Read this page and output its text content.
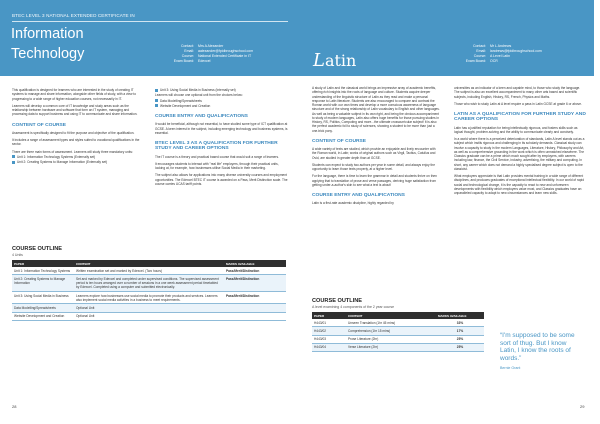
BTEC LEVEL 3 NATIONAL EXTENDED CERTIFICATE IN
Information
Technology	Contact:	Mrs A Alexander
Email:	aalexander@fpidbroughschool.com
Course:	National Extended Certificate in IT
Exam Board:	Edexcel

This qualification is designed for learners who are interested in the study of creating IT systems to manage and share information, alongside other fields of study, with a view to progressing to a wide range of higher education courses, not necessarily in IT.

Learners will develop a common core of IT knowledge and study areas such as the relationship between hardware and software that form an IT system, managing and processing data to support business and using IT to communicate and share information.

CONTENT OF COURSE

Assessment is specifically designed to fit the purpose and objective of the qualification.

It includes a range of assessment types and styles suited to vocational qualifications in the sector.

There are three main forms of assessment. Learners will study three mandatory units:

Unit 1: Information Technology Systems (Externally set)
Unit 2: Creating Systems to Manage Information (Externally set)
Unit 3: Using Social Media in Business (Internally set)

Learners will choose one optional unit from the choices below:

Data Modelling/Spreadsheets
Website Development and Creation
COURSE ENTRY AND QUALIFICATIONS

It would be beneficial, although not essential, to have studied some type of ICT qualification at GCSE. A keen interest in the subject, including emerging technology and business systems, is essential.

BTEC LEVEL 3 AS A QUALIFICATION FOR FURTHER STUDY AND CAREER OPTIONS

The IT course is a theory and practical based course that would suit a range of learners.

It encourages students to interact with "real life" employers, through their practical units, looking at, for example, how businesses utilise Social Media in their marketing.

The subject also allows for applications into many diverse university courses and employment opportunities. The Edexcel BTEC IT course is awarded on a Pass, Merit Distinction scale. The course carries UCAS tariff points.

COURSE OUTLINE
4 Units
PAPER	CONTENT	MARKS AVAILABLE
Unit 1: Information Technology Systems	Written examination set and marked by Edexcel. (Two hours)	Pass/Merit/Distinction
Unit 2: Creating Systems to Manage Information	Set and marked by Edexcel and completed under supervised conditions. The supervised assessment period is ten hours arranged over a number of sessions in a one week assessment period timetabled by Edexcel. Completed using a computer and submitted electronically.	Pass/Merit/Distinction
Unit 3: Using Social Media in Business	Learners explore how businesses use social media to promote their products and services. Learners also implement social media activities in a business to meet requirements.	Pass/Merit/Distinction
Data Modelling/Spreadsheets	Optional Unit	
Website Development and Creation	Optional Unit	
28
Latin
Contact:	Mr L Andrews
Email:	landrews@fpidbroughschool.com
Course:	A Level Latin
Exam Board:	OCR

A study of Latin and the classical world brings an impressive array of academic benefits, offering rich insights into the roots of language and culture. Students acquire deeper understanding of the linguistic structure of Latin as they read and make a personal response to Latin literature. Students are also encouraged to compare and contrast the Roman world with our own times and develop a more conscious awareness of language structure and of the strong relationship of Latin vocabulary to English and other languages. As well as being a valuable subject in its own right, and being the obvious accompaniment to study of modern languages, Latin also offers huge benefits for those pursuing studies in History, RS, Politics, Computing and more...the ultimate crosscurricular subject! It is also the perfect academic foil to study of sciences, showing a student to be more than just a one-trick pony.

CONTENT OF COURSE

A wide variety of texts are studied, which provide an enjoyable and lively encounter with the Roman world, in Latin; works of original authors such as Virgil, Tacitus, Catullus and Ovid, are studied in greater depth than at GCSE.

Students can expect to study two authors per year in some detail, and always enjoy the opportunity to learn those texts properly, at a higher level.

For the language, there is time to learn the grammar in detail and students thrive on then applying that to translation of prose and verse passages, deriving huge satisfaction from getting under-a-author's skin to see what a text is about!

COURSE ENTRY AND QUALIFICATIONS

Latin is a first-rate academic discipline, highly regarded by

universities as an indicator of a keen and capable mind, to those who study the language. The subject is also an excellent accompaniment to many other arts based and scientific subjects, including English, History, RS, French, Physics and Maths.

Those who wish to study Latin at A level require a pass in Latin GCSE at grade 6 or above.

LATIN AS A QUALIFICATION FOR FURTHER STUDY AND CAREER OPTIONS

Latin has a justified reputation for being intellectually rigorous, and fosters skills such as logical thought, problem-solving and the ability to communicate clearly and concisely.

In a world where there is a perceived deterioration of standards, Latin A level stands out as a subject which instils rigorous and challenging in its scholarly demands. Classical study can involve a capacity to study in the modern Languages, Literature, History, Philosophy and Art, as well as a comprehensive grounding in the work which is often unmatched elsewhere. The Classics graduate can be a prime which much sought after by employers, with careers including law, finance, the Civil Service, industry, advertising, the military and computing. In short, any career which does not demand a highly specialised degree subject is open to the classicist.

What employers appreciate is that Latin provides mental training in a wide range of different disciplines, and produces graduates of exceptional intellectual flexibility. In our world of rapid social and technological change, it is the capacity to react to new and unforeseen developments with flexibility which employers value most, and Classics graduates have an unparalleled capacity to adapt to new circumstances and learn new skills.

COURSE OUTLINE
A level examining 4 components of the 2 year course
PAPER	CONTENT	MARKS AVAILABLE
H443/01	Unseen Translation (1hr 45 mins)	33%
H443/02	Comprehension (1hr 15 mins)	17%
H443/03	Prose Literature (2hr)	25%
H443/04	Verse Literature (2hr)	25%
“I'm supposed to be some sort of thug. But I know Latin, I know the roots of words.”
Bernie Grant
29
